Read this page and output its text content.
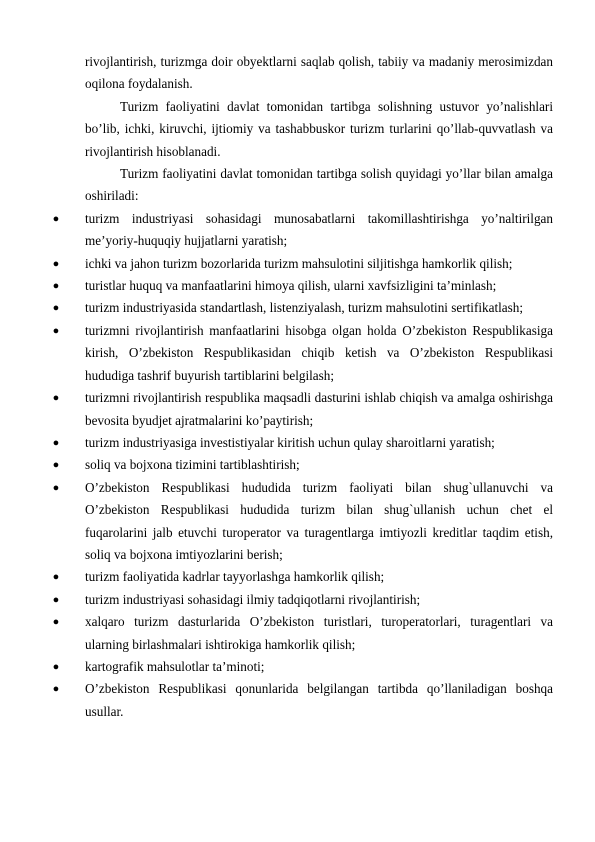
rivojlantirish, turizmga doir obyektlarni saqlab qolish, tabiiy va madaniy merosimizdan oqilona foydalanish.

Turizm faoliyatini davlat tomonidan tartibga solishning ustuvor yo’nalishlari bo’lib, ichki, kiruvchi, ijtiomiy va tashabbuskor turizm turlarini qo’llab-quvvatlash va rivojlantirish hisoblanadi.

Turizm faoliyatini davlat tomonidan tartibga solish quyidagi yo’llar bilan amalga oshiriladi:

● turizm industriyasi sohasidagi munosabatlarni takomillashtirishga yo’naltirilgan me’yoriy-huquqiy hujjatlarni yaratish;
● ichki va jahon turizm bozorlarida turizm mahsulotini siljitishga hamkorlik qilish;
● turistlar huquq va manfaatlarini himoya qilish, ularni xavfsizligini ta’minlash;
● turizm industriyasida standartlash, listenziyalash, turizm mahsulotini sertifikatlash;
● turizmni rivojlantirish manfaatlarini hisobga olgan holda O’zbekiston Respublikasiga kirish, O’zbekiston Respublikasidan chiqib ketish va O’zbekiston Respublikasi hududiga tashrif buyurish tartiblarini belgilash;
● turizmni rivojlantirish respublika maqsadli dasturini ishlab chiqish va amalga oshirishga bevosita byudjet ajratmalarini ko’paytirish;
● turizm industriyasiga investistiyalar kiritish uchun qulay sharoitlarni yaratish;
● soliq va bojxona tizimini tartiblashtirish;
● O’zbekiston Respublikasi hududida turizm faoliyati bilan shug`ullanuvchi va O’zbekiston Respublikasi hududida turizm bilan shug`ullanish uchun chet el fuqarolarini jalb etuvchi turoperator va turagentlarga imtiyozli kreditlar taqdim etish, soliq va bojxona imtiyozlarini berish;
● turizm faoliyatida kadrlar tayyorlashga hamkorlik qilish;
● turizm industriyasi sohasidagi ilmiy tadqiqotlarni rivojlantirish;
● xalqaro turizm dasturlarida O’zbekiston turistlari, turoperatorlari, turagentlari va ularning birlashmalari ishtirokiga hamkorlik qilish;
● kartografik mahsulotlar ta’minoti;
● O’zbekiston Respublikasi qonunlarida belgilangan tartibda qo’llaniladigan boshqa usullar.
